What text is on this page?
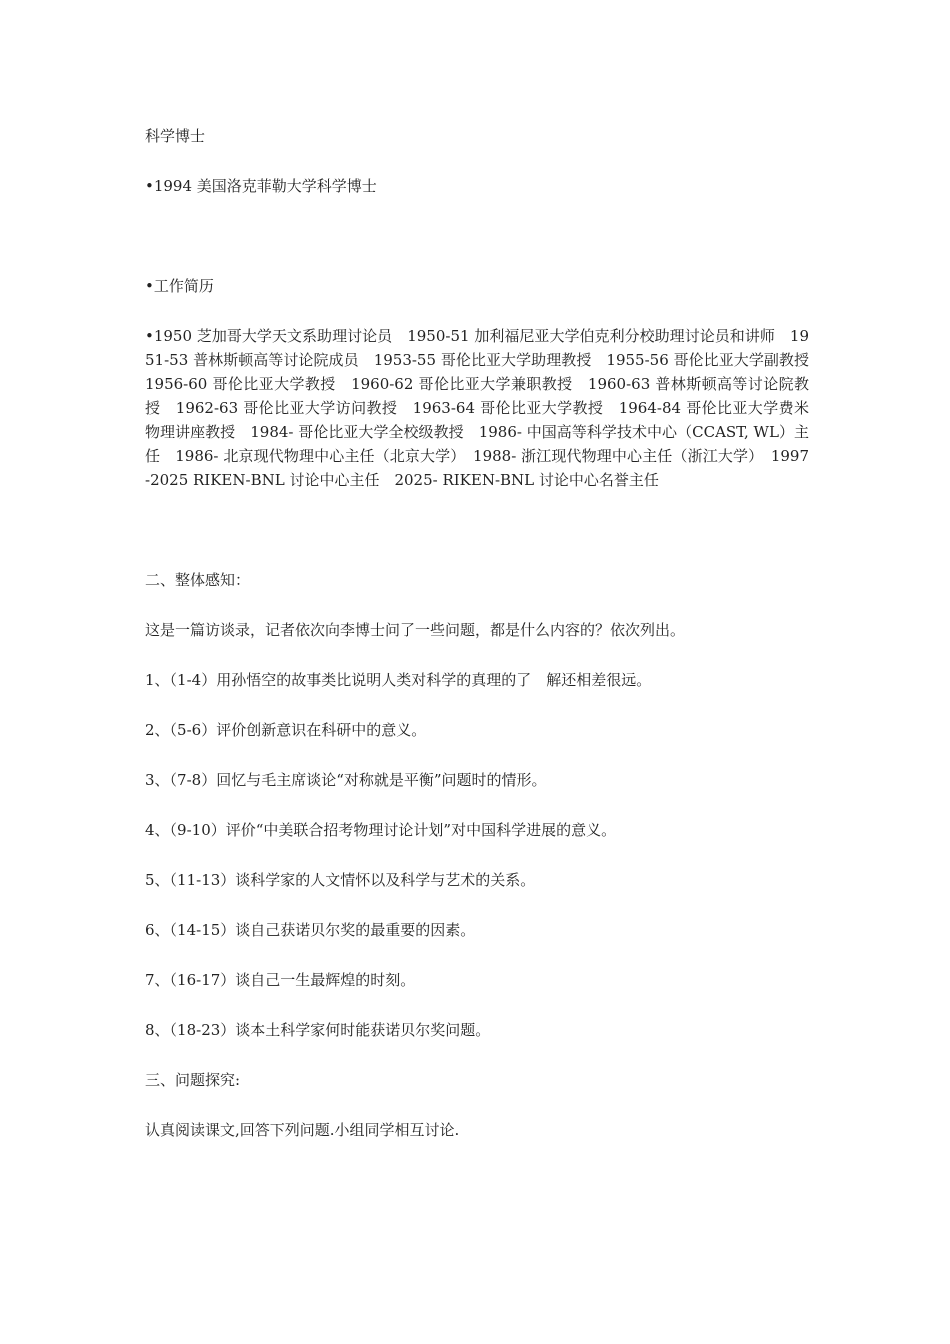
科学博士

•1994 美国洛克菲勒大学科学博士

•工作简历

•1950 芝加哥大学天文系助理讨论员　1950-51 加利福尼亚大学伯克利分校助理讨论员和讲师　1951-53 普林斯顿高等讨论院成员　1953-55 哥伦比亚大学助理教授　1955-56 哥伦比亚大学副教授　1956-60 哥伦比亚大学教授　1960-62 哥伦比亚大学兼职教授　1960-63 普林斯顿高等讨论院教授　1962-63 哥伦比亚大学访问教授　1963-64 哥伦比亚大学教授　1964-84 哥伦比亚大学费米物理讲座教授　1984- 哥伦比亚大学全校级教授　1986- 中国高等科学技术中心（CCAST, WL）主任　1986- 北京现代物理中心主任（北京大学）　1988- 浙江现代物理中心主任（浙江大学）　1997-2025 RIKEN-BNL 讨论中心主任　2025- RIKEN-BNL 讨论中心名誉主任

二、整体感知：

这是一篇访谈录，记者依次向李博士问了一些问题，都是什么内容的？依次列出。

1、（1-4）用孙悟空的故事类比说明人类对科学的真理的了　解还相差很远。

2、（5-6）评价创新意识在科研中的意义。

3、（7-8）回忆与毛主席谈论“对称就是平衡”问题时的情形。

4、（9-10）评价“中美联合招考物理讨论计划”对中国科学进展的意义。

5、（11-13）谈科学家的人文情怀以及科学与艺术的关系。

6、（14-15）谈自己获诺贝尔奖的最重要的因素。

7、（16-17）谈自己一生最辉煌的时刻。

8、（18-23）谈本土科学家何时能获诺贝尔奖问题。

三、问题探究:

认真阅读课文,回答下列问题.小组同学相互讨论.
